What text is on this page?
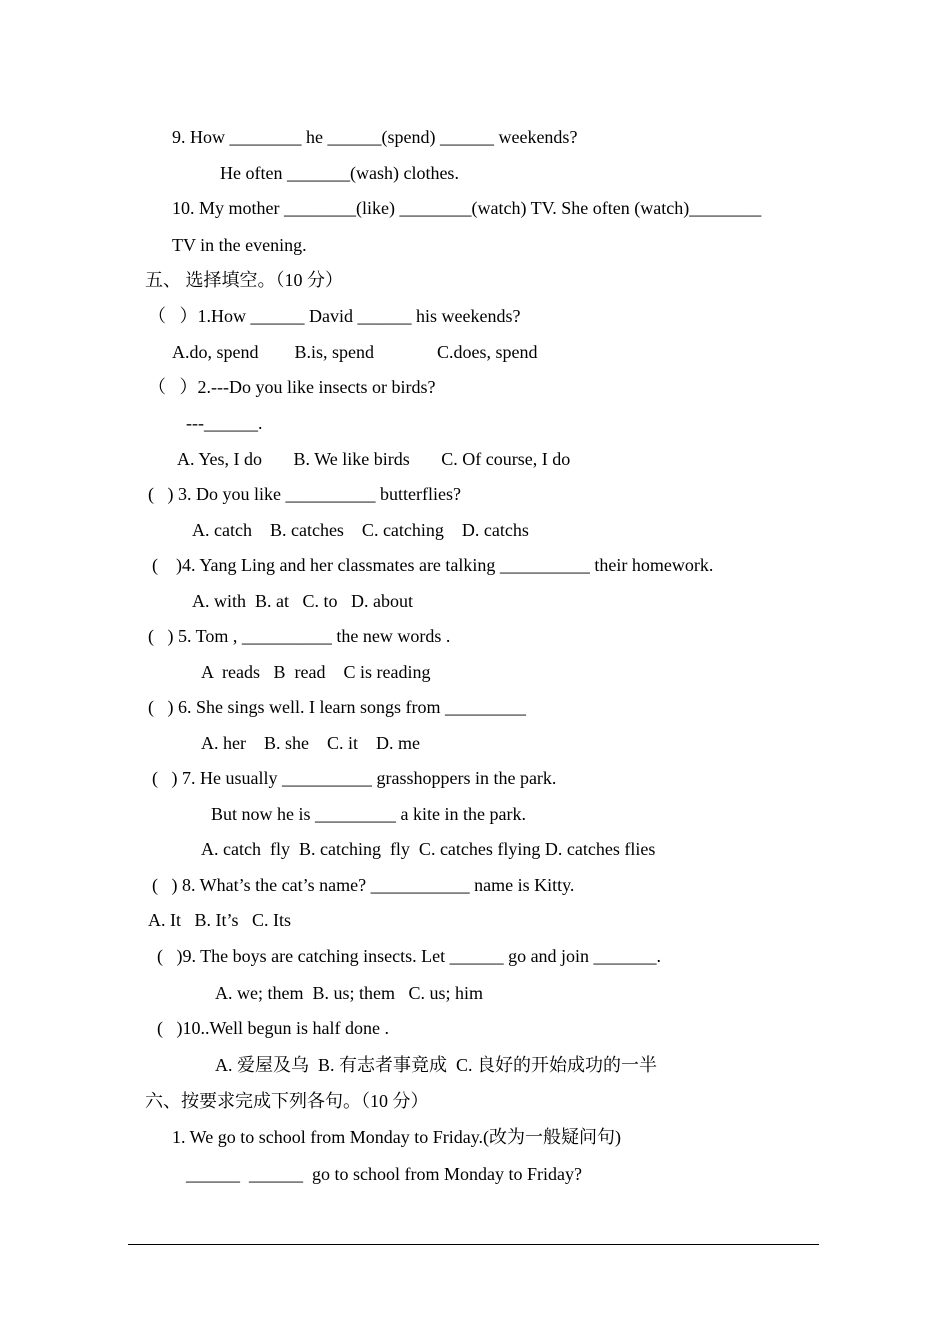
9. How ________ he ______(spend) ______ weekends?
He often _______(wash) clothes.
10. My mother ________(like) ________(watch) TV. She often (watch)________
TV in the evening.
五、 选择填空。（10 分）
（   ）1.How ______ David ______ his weekends?
A.do, spend        B.is, spend              C.does, spend
（   ）2.---Do you like insects or birds?
---______.
A. Yes, I do       B. We like birds       C. Of course, I do
(   ) 3. Do you like __________ butterflies?
A. catch    B. catches    C. catching    D. catchs
(    )4. Yang Ling and her classmates are talking __________ their homework.
A. with  B. at   C. to   D. about
(   ) 5. Tom , __________ the new words .
A  reads   B  read    C is reading
(   ) 6. She sings well. I learn songs from _________
A. her    B. she    C. it    D. me
(   ) 7. He usually __________ grasshoppers in the park.
But now he is _________ a kite in the park.
A. catch  fly  B. catching  fly  C. catches flying D. catches flies
(   ) 8. What’s the cat’s name? ___________ name is Kitty.
A. It   B. It’s   C. Its
(   )9. The boys are catching insects. Let ______ go and join _______.
A. we; them  B. us; them   C. us; him
(   )10..Well begun is half done .
A. 爱屋及乌  B. 有志者事竟成  C. 良好的开始成功的一半
六、按要求完成下列各句。（10 分）
1. We go to school from Monday to Friday.(改为一般疑问句)
______  ______  go to school from Monday to Friday?
